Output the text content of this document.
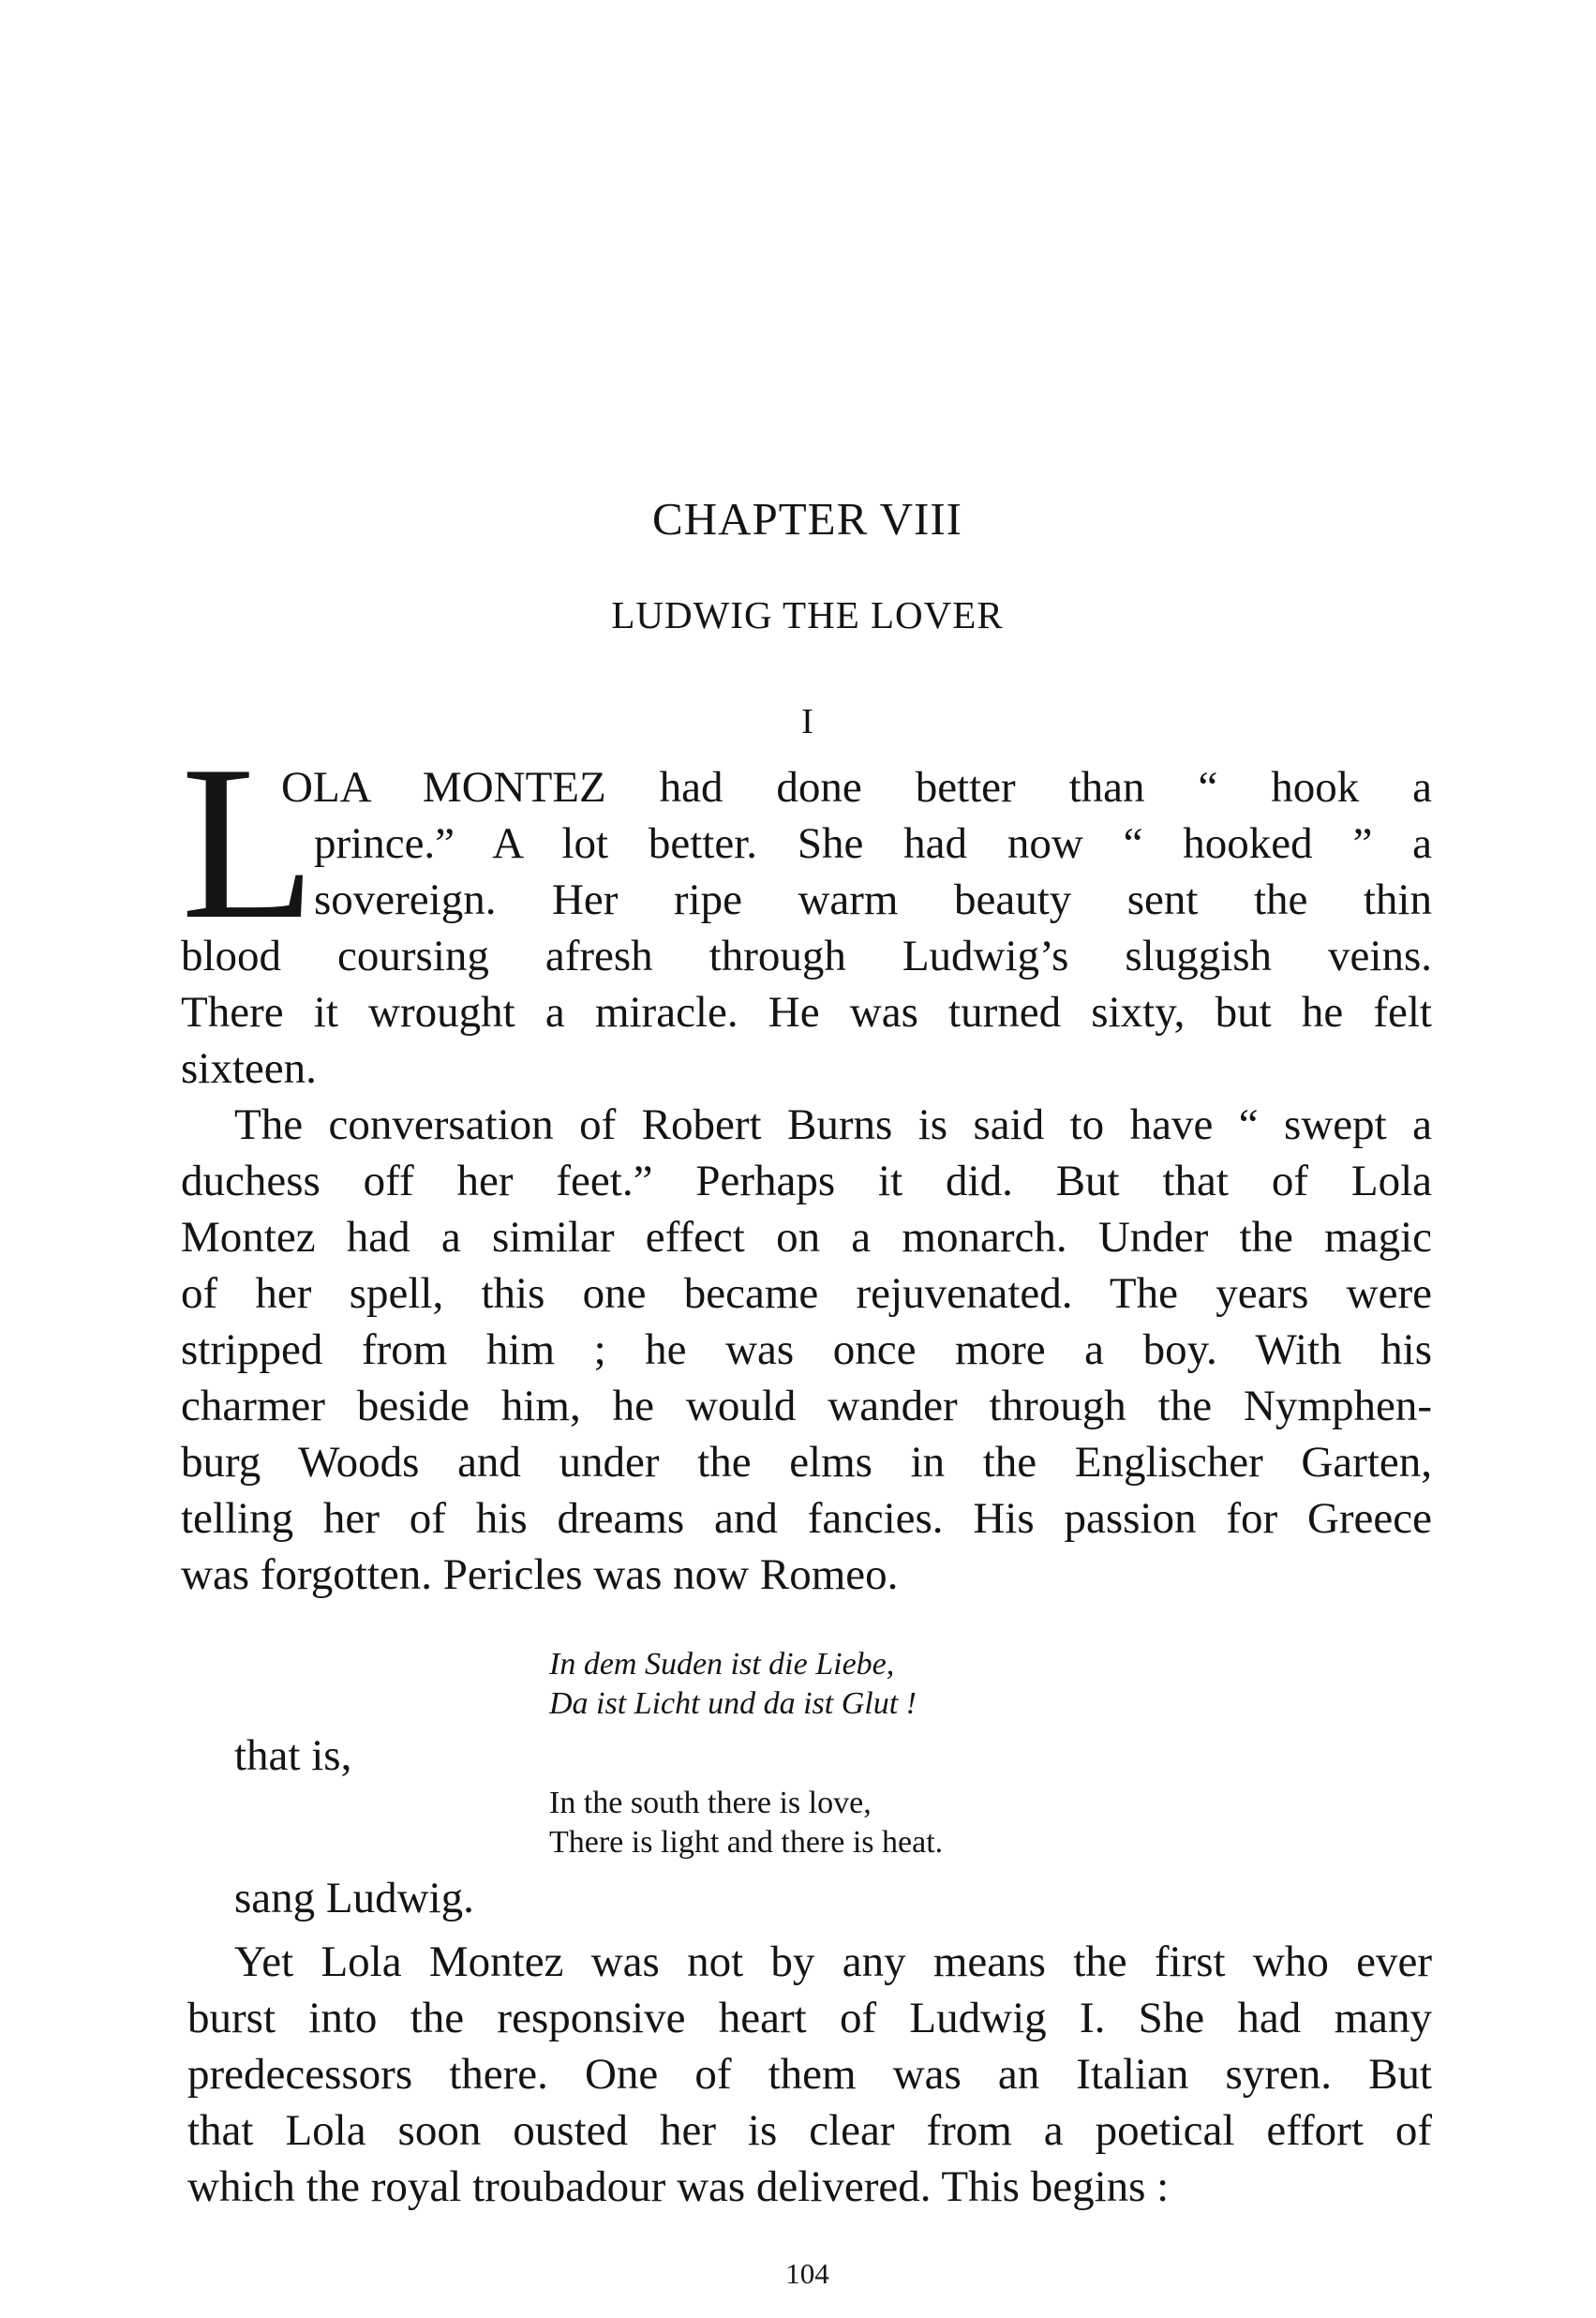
CHAPTER VIII
LUDWIG THE LOVER
I
L
OLA MONTEZ had done better than “ hook a
prince.” A lot better. She had now “ hooked ” a
sovereign. Her ripe warm beauty sent the thin
blood coursing afresh through Ludwig’s sluggish veins.
There it wrought a miracle. He was turned sixty, but he felt
sixteen.
The conversation of Robert Burns is said to have “ swept a
duchess off her feet.” Perhaps it did. But that of Lola
Montez had a similar effect on a monarch. Under the magic
of her spell, this one became rejuvenated. The years were
stripped from him ; he was once more a boy. With his
charmer beside him, he would wander through the Nymphen-
burg Woods and under the elms in the Englischer Garten,
telling her of his dreams and fancies. His passion for Greece
was forgotten. Pericles was now Romeo.
In dem Suden ist die Liebe,
Da ist Licht und da ist Glut !
that is,
In the south there is love,
There is light and there is heat.
sang Ludwig.
Yet Lola Montez was not by any means the first who ever
burst into the responsive heart of Ludwig I. She had many
predecessors there. One of them was an Italian syren. But
that Lola soon ousted her is clear from a poetical effort of
which the royal troubadour was delivered. This begins :
104
